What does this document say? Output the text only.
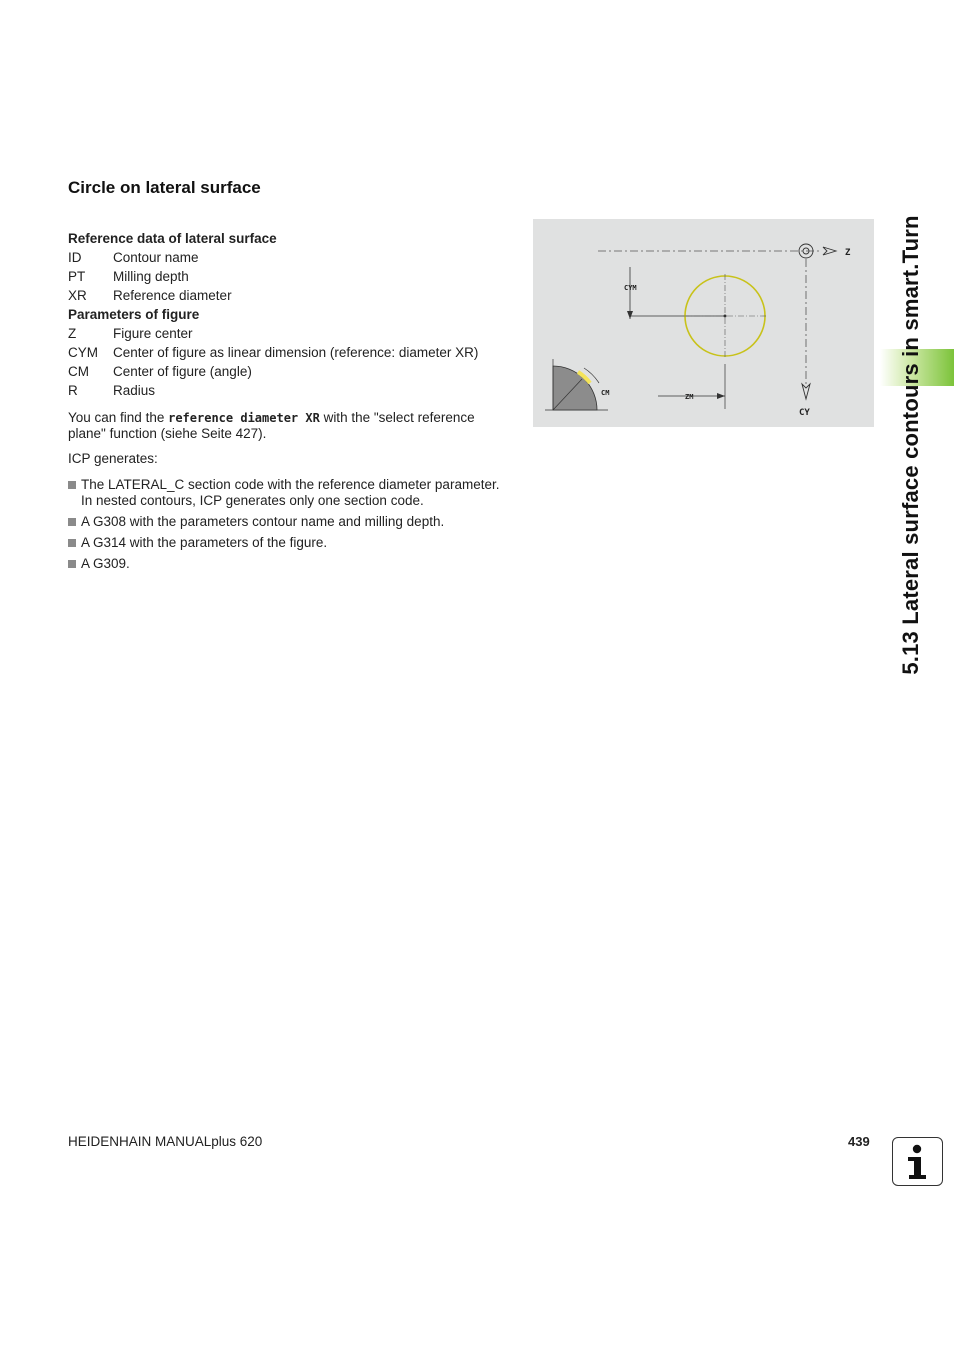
Circle on lateral surface
Reference data of lateral surface
ID	Contour name
PT	Milling depth
XR	Reference diameter
Parameters of figure
Z	Figure center
CYM	Center of figure as linear dimension (reference: diameter XR)
CM	Center of figure (angle)
R	Radius

You can find the reference diameter XR with the "select reference plane" function (siehe Seite 427).

ICP generates:

The LATERAL_C section code with the reference diameter parameter. In nested contours, ICP generates only one section code.
A G308 with the parameters contour name and milling depth.
A G314 with the parameters of the figure.
A G309.
Z
CY
CYM
ZM
CM	5.13 Lateral surface contours in smart.Turn
HEIDENHAIN MANUALplus 620	439
